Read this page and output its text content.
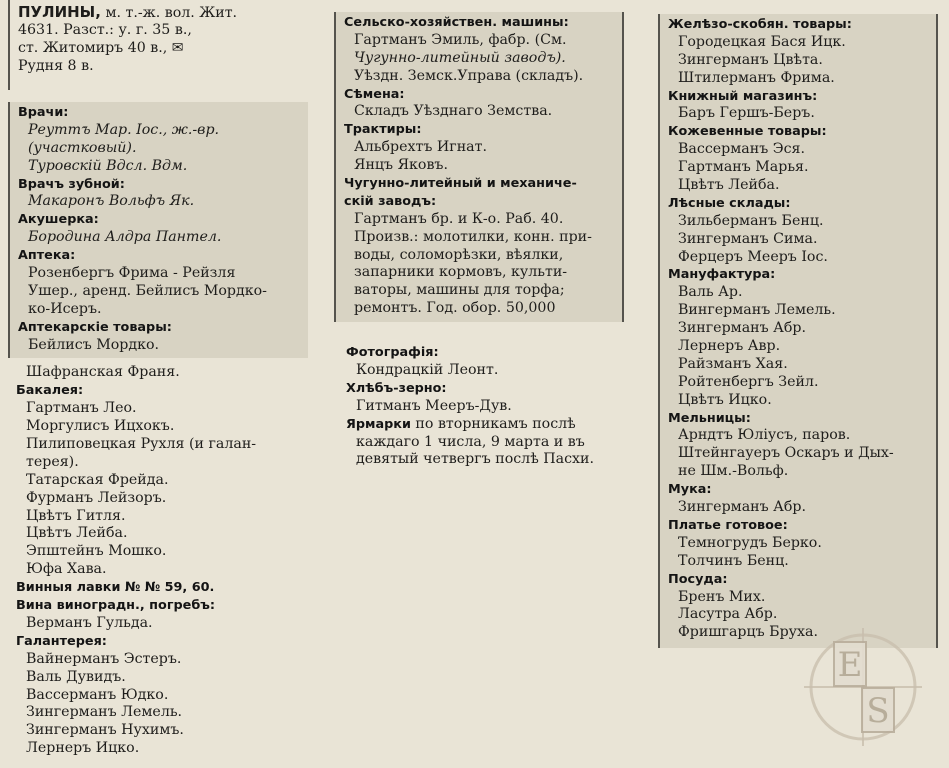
ПУЛИНЫ, м. т.-ж. вол. Жит.
4631. Разст.: у. г. 35 в.,
ст. Житомиръ 40 в., ✉
Рудня 8 в.
Врачи:
Реуттъ Мар. Іос., ж.-вр.
(участковый).
Туровскій Вдсл. Вдм.
Врачъ зубной:
Макаронъ Вольфъ Як.
Акушерка:
Бородина Алдра Пантел.
Аптека:
Розенбергъ Фрима - Рейзля
Ушер., аренд. Бейлисъ Мордко-
ко-Исеръ.
Аптекарскіе товары:
Бейлисъ Мордко.
Шафранская Франя.
Бакалея:
Гартманъ Лео.
Моргулисъ Ицхокъ.
Пилиповецкая Рухля (и галан-
терея).
Татарская Фрейда.
Фурманъ Лейзоръ.
Цвѣтъ Гитля.
Цвѣтъ Лейба.
Эпштейнъ Мошко.
Юфа Хава.
Винныя лавки № № 59, 60.
Вина виноградн., погребъ:
Верманъ Гульда.
Галантерея:
Вайнерманъ Эстеръ.
Валь Дувидъ.
Вассерманъ Юдко.
Зингерманъ Лемель.
Зингерманъ Нухимъ.
Лернеръ Ицко.
Сельско-хозяйствен. машины:
Гартманъ Эмиль, фабр. (См.
Чугунно-литейный заводъ).
Уѣздн. Земск.Управа (складъ).
Сѣмена:
Складъ Уѣзднаго Земства.
Трактиры:
Альбрехтъ Игнат.
Янцъ Яковъ.
Чугунно-литейный и механиче-
скій заводъ:
Гартманъ бр. и К-о. Раб. 40.
Произв.: молотилки, конн. при-
воды, соломорѣзки, вѣялки,
запарники кормовъ, культи-
ваторы, машины для торфа;
ремонтъ. Год. обор. 50,000
Фотографія:
Кондрацкій Леонт.
Хлѣбъ-зерно:
Гитманъ Мееръ-Дув.
Ярмарки по вторникамъ послѣ
каждаго 1 числа, 9 марта и въ
девятый четвергъ послѣ Пасхи.
Желѣзо-скобян. товары:
Городецкая Бася Ицк.
Зингерманъ Цвѣта.
Штилерманъ Фрима.
Книжный магазинъ:
Баръ Гершъ-Беръ.
Кожевенные товары:
Вассерманъ Эся.
Гартманъ Марья.
Цвѣтъ Лейба.
Лѣсные склады:
Зильберманъ Бенц.
Зингерманъ Сима.
Ферцеръ Мееръ Іос.
Мануфактура:
Валь Ар.
Вингерманъ Лемель.
Зингерманъ Абр.
Лернеръ Авр.
Райзманъ Хая.
Ройтенбергъ Зейл.
Цвѣтъ Ицко.
Мельницы:
Арндтъ Юліусъ, паров.
Штейнгауеръ Оскаръ и Дых-
не Шм.-Вольф.
Мука:
Зингерманъ Абр.
Платье готовое:
Темногрудъ Берко.
Толчинъ Бенц.
Посуда:
Бренъ Мих.
Ласутра Абр.
Фришгарцъ Бруха.
E
S
